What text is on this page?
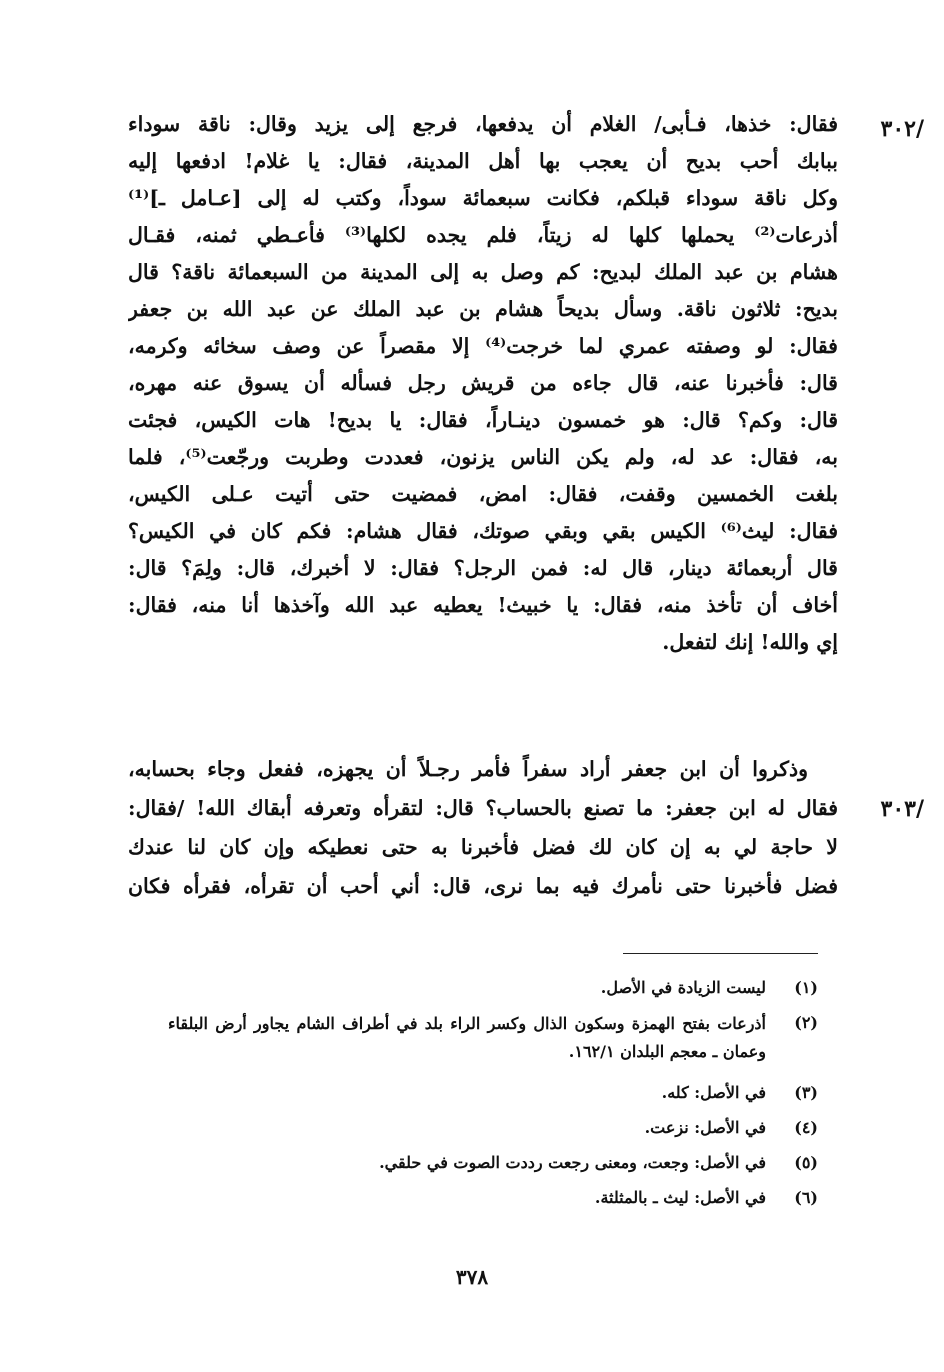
/٣٠٢
/٣٠٣
فقال: خذها، فـأبى/ الغلام أن يدفعها، فرجع إلى يزيد وقال: ناقة سوداء
ببابك أحب بديح أن يعجب بها أهل المدينة، فقال: يا غلام! ادفعها إليه
وكل ناقة سوداء قبلكم، فكانت سبعمائة سوداً، وكتب له إلى [عـامل ـ]⁽¹⁾
أذرعات⁽²⁾ يحملها كلها له زيتاً، فلم يجده لكلها⁽³⁾ فأعـطي ثمنه، فقـال
هشام بن عبد الملك لبديح: كم وصل به إلى المدينة من السبعمائة ناقة؟ قال
بديح: ثلاثون ناقة. وسأل بديحاً هشام بن عبد الملك عن عبد الله بن جعفر
فقال: لو وصفته عمري لما خرجت⁽⁴⁾ إلا مقصراً عن وصف سخائه وكرمه،
قال: فأخبرنا عنه، قال جاءه من قريش رجل فسأله أن يسوق عنه مهره،
قال: وكم؟ قال: هو خمسون دينـاراً، فقال: يا بديح! هات الكيس، فجئت
به، فقال: عد له، ولم يكن الناس يزنون، فعددت وطربت ورجّعت⁽⁵⁾، فلما
بلغت الخمسين وقفت، فقال: امض، فمضيت حتى أتيت عـلى الكيس،
فقال: ليث⁽⁶⁾ الكيس بقي وبقي صوتك، فقال هشام: فكم كان في الكيس؟
قال أربعمائة دينار، قال له: فمن الرجل؟ فقال: لا أخبرك، قال: ولِمَ؟ قال:
أخاف أن تأخذ منه، فقال: يا خبيث! يعطيه عبد الله وآخذها أنا منه، فقال:
إي والله! إنك لتفعل.
وذكروا أن ابن جعفر أراد سفراً فأمر رجـلاً أن يجهزه، ففعل وجاء بحسابه،
فقال له ابن جعفر: ما تصنع بالحساب؟ قال: لتقرأه وتعرفه أبقاك الله! /فقال:
لا حاجة لي به إن كان لك فضل فأخبرنا به حتى نعطيكه وإن كان لنا عندك
فضل فأخبرنا حتى نأمرك فيه بما نرى، قال: أني أحب أن تقرأه، فقرأه فكان
(١)
ليست الزيادة في الأصل.
(٢)
أذرعات بفتح الهمزة وسكون الذال وكسر الراء بلد في أطراف الشام يجاور أرض البلقاء
وعمان ـ معجم البلدان ١٦٢/١.
(٣)
في الأصل: كله.
(٤)
في الأصل: نزعت.
(٥)
في الأصل: وجعت، ومعنى رجعت رددت الصوت في حلقي.
(٦)
في الأصل: ليث ـ بالمثلثة.
٣٧٨
